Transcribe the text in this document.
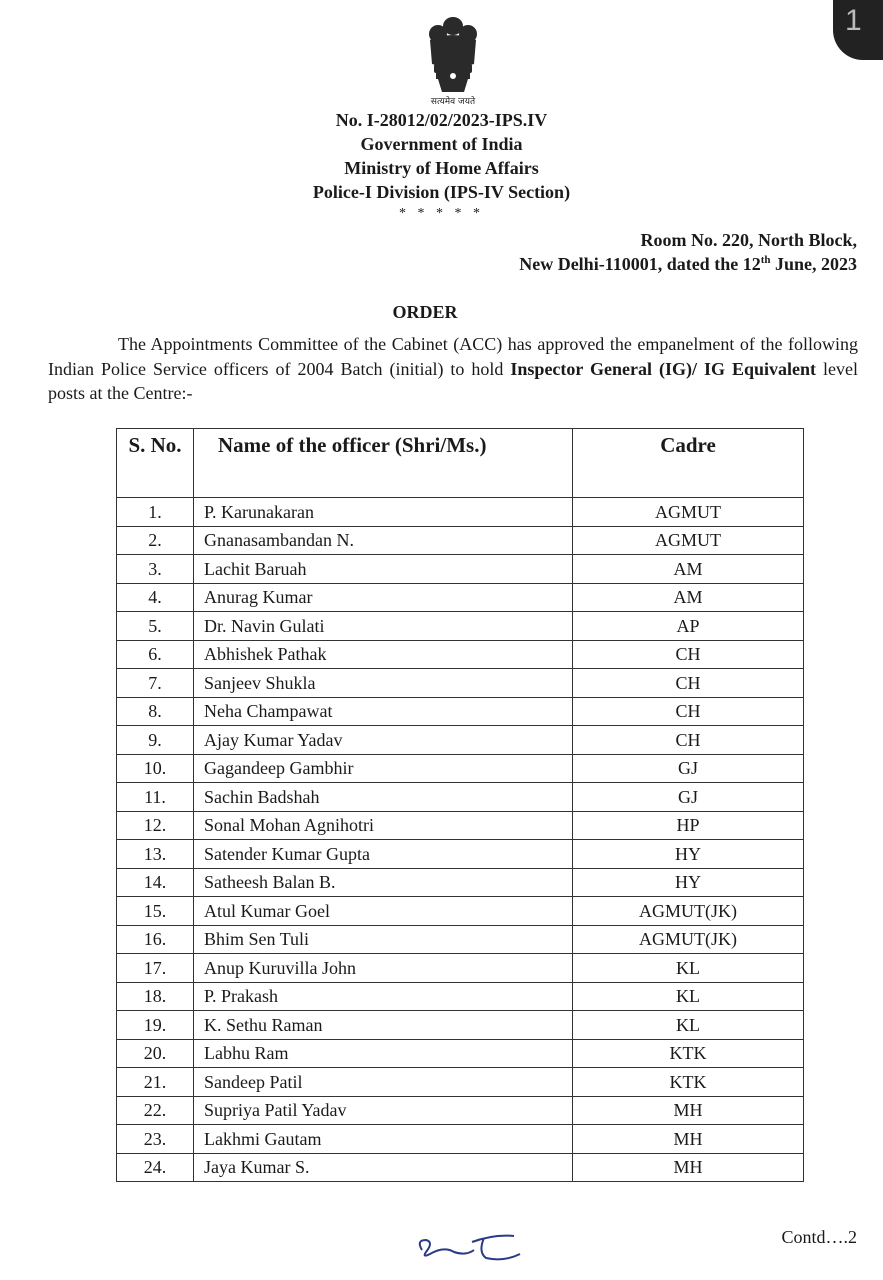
1
सत्यमेव जयते
No. I-28012/02/2023-IPS.IV
Government of India
Ministry of Home Affairs
Police-I Division (IPS-IV Section)
* * * * *
Room No. 220, North Block,
New Delhi-110001, dated the 12th June, 2023
ORDER
The Appointments Committee of the Cabinet (ACC) has approved the empanelment of the following Indian Police Service officers of 2004 Batch (initial) to hold Inspector General (IG)/ IG Equivalent level posts at the Centre:-
S. No.	Name of the officer (Shri/Ms.)	Cadre
1.	P. Karunakaran	AGMUT
2.	Gnanasambandan N.	AGMUT
3.	Lachit Baruah	AM
4.	Anurag Kumar	AM
5.	Dr. Navin Gulati	AP
6.	Abhishek Pathak	CH
7.	Sanjeev Shukla	CH
8.	Neha Champawat	CH
9.	Ajay Kumar Yadav	CH
10.	Gagandeep Gambhir	GJ
11.	Sachin Badshah	GJ
12.	Sonal Mohan Agnihotri	HP
13.	Satender Kumar Gupta	HY
14.	Satheesh Balan B.	HY
15.	Atul Kumar Goel	AGMUT(JK)
16.	Bhim Sen Tuli	AGMUT(JK)
17.	Anup Kuruvilla John	KL
18.	P. Prakash	KL
19.	K. Sethu Raman	KL
20.	Labhu Ram	KTK
21.	Sandeep Patil	KTK
22.	Supriya Patil Yadav	MH
23.	Lakhmi Gautam	MH
24.	Jaya Kumar S.	MH
Contd….2
